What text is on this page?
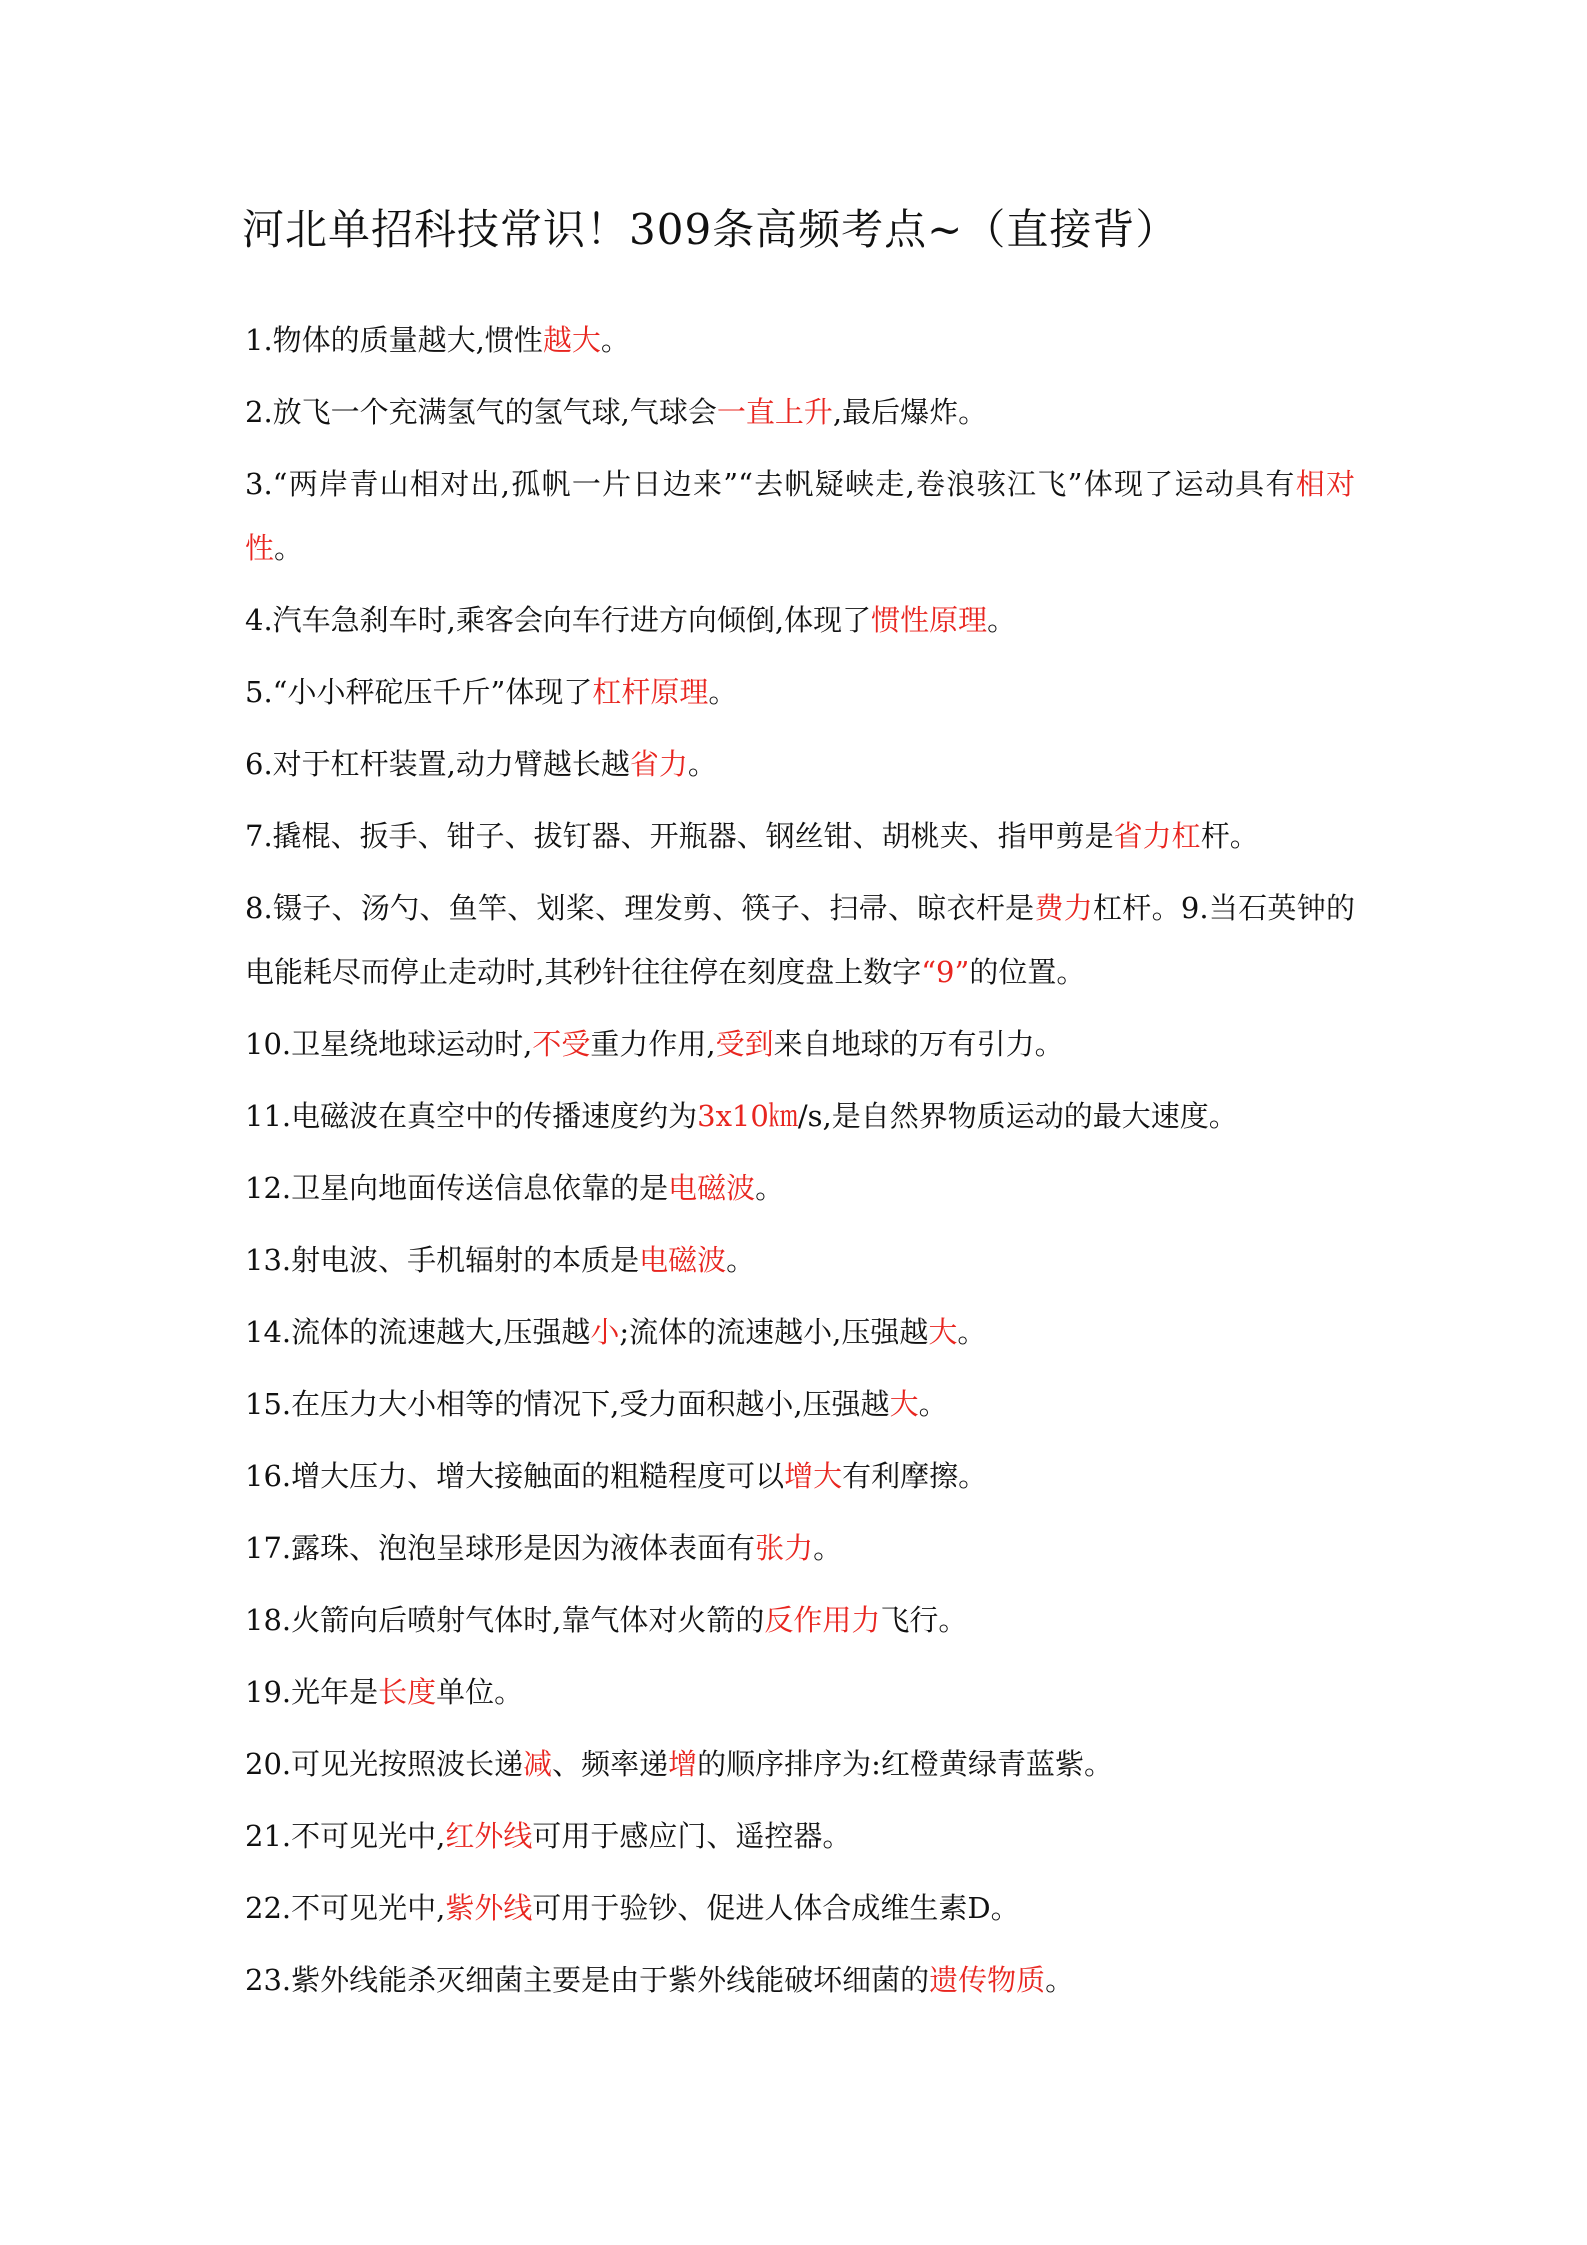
河北单招科技常识！309条高频考点~（直接背）

1.物体的质量越大,惯性越大。

2.放飞一个充满氢气的氢气球,气球会一直上升,最后爆炸。

3.“两岸青山相对出,孤帆一片日边来”“去帆疑峡走,卷浪骇江飞”体现了运动具有相对性。

4.汽车急刹车时,乘客会向车行进方向倾倒,体现了惯性原理。

5.“小小秤砣压千斤”体现了杠杆原理。

6.对于杠杆装置,动力臂越长越省力。

7.撬棍、扳手、钳子、拔钉器、开瓶器、钢丝钳、胡桃夹、指甲剪是省力杠杆。

8.镊子、汤勺、鱼竿、划桨、理发剪、筷子、扫帚、晾衣杆是费力杠杆。9.当石英钟的电能耗尽而停止走动时,其秒针往往停在刻度盘上数字“9”的位置。

10.卫星绕地球运动时,不受重力作用,受到来自地球的万有引力。

11.电磁波在真空中的传播速度约为3x10㎞/s,是自然界物质运动的最大速度。

12.卫星向地面传送信息依靠的是电磁波。

13.射电波、手机辐射的本质是电磁波。

14.流体的流速越大,压强越小;流体的流速越小,压强越大。

15.在压力大小相等的情况下,受力面积越小,压强越大。

16.增大压力、增大接触面的粗糙程度可以增大有利摩擦。

17.露珠、泡泡呈球形是因为液体表面有张力。

18.火箭向后喷射气体时,靠气体对火箭的反作用力飞行。

19.光年是长度单位。

20.可见光按照波长递减、频率递增的顺序排序为:红橙黄绿青蓝紫。

21.不可见光中,红外线可用于感应门、遥控器。

22.不可见光中,紫外线可用于验钞、促进人体合成维生素D。

23.紫外线能杀灭细菌主要是由于紫外线能破坏细菌的遗传物质。
